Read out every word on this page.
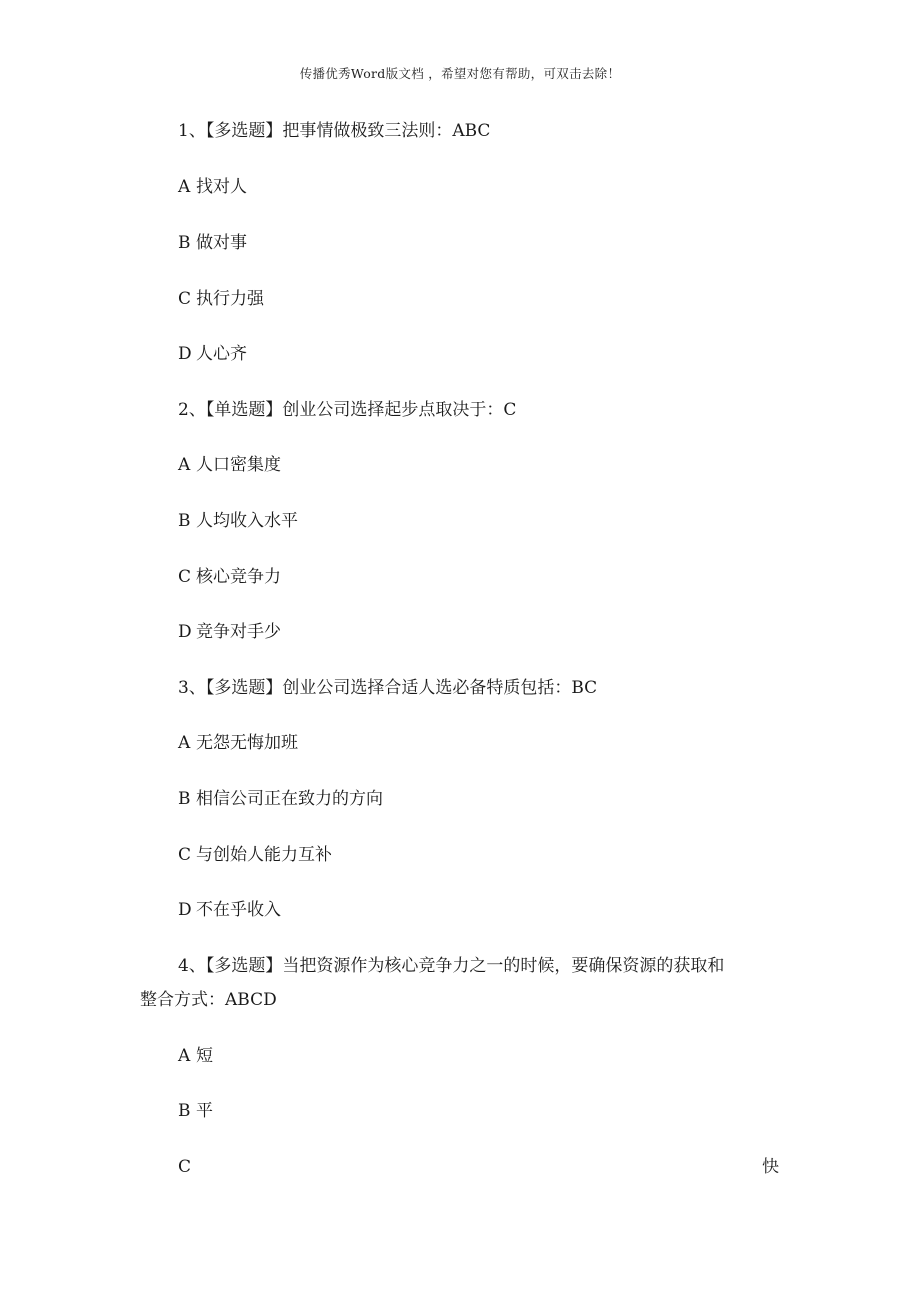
传播优秀Word版文档 ，希望对您有帮助，可双击去除！
1、【多选题】把事情做极致三法则：ABC
A 找对人
B 做对事
C 执行力强
D 人心齐
2、【单选题】创业公司选择起步点取决于：C
A 人口密集度
B 人均收入水平
C 核心竞争力
D 竞争对手少
3、【多选题】创业公司选择合适人选必备特质包括：BC
A 无怨无悔加班
B 相信公司正在致力的方向
C 与创始人能力互补
D 不在乎收入
4、【多选题】当把资源作为核心竞争力之一的时候，要确保资源的获取和
整合方式：ABCD
A 短
B 平
C	快
